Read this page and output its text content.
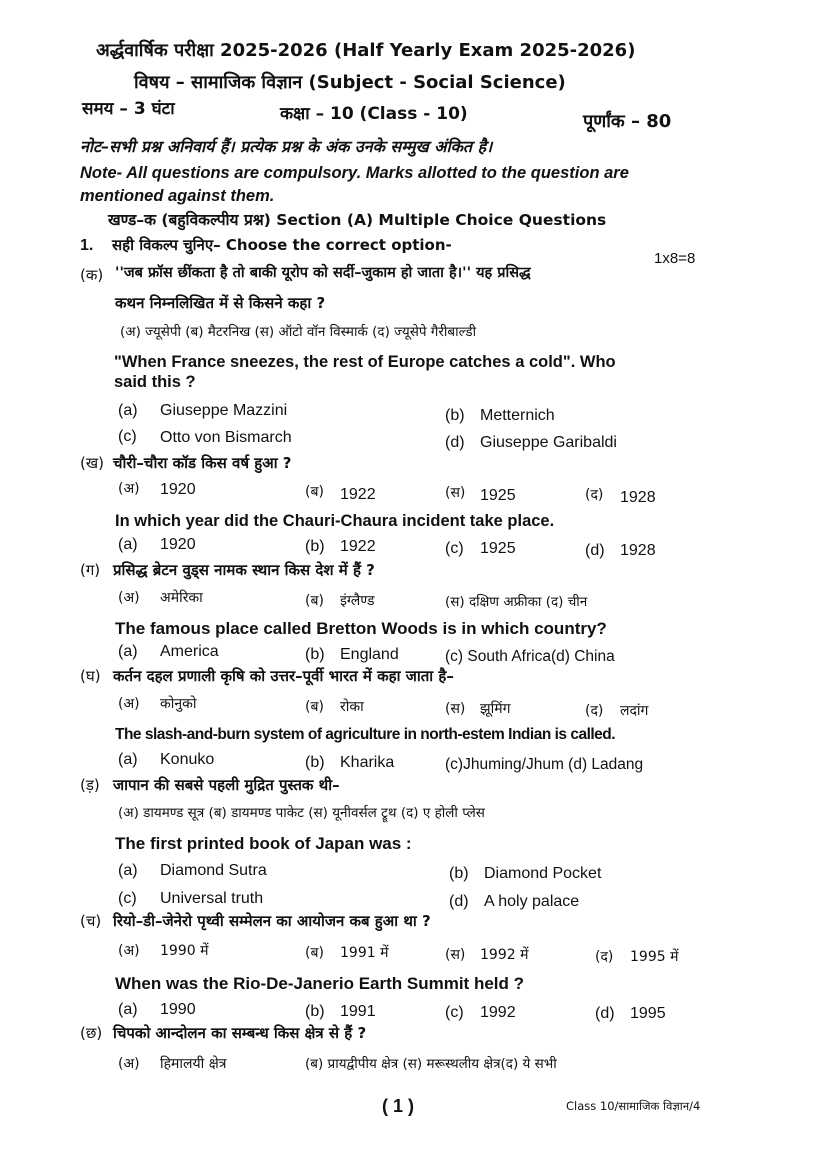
अर्द्धवार्षिक परीक्षा 2025-2026 (Half Yearly Exam 2025-2026)
विषय – सामाजिक विज्ञान (Subject - Social Science)
समय – 3 घंटा	कक्षा – 10 (Class - 10)	पूर्णांक – 80
नोट–सभी प्रश्न अनिवार्य हैं। प्रत्येक प्रश्न के अंक उनके सम्मुख अंकित है।
Note- All questions are compulsory. Marks allotted to the question are
mentioned against them.
खण्ड–क (बहुविकल्पीय प्रश्न) Section (A) Multiple Choice Questions
1. सही विकल्प चुनिए– Choose the correct option-
1x8=8
(क) ''जब फ्रॉस छींकता है तो बाकी यूरोप को सर्दी–जुकाम हो जाता है।'' यह प्रसिद्ध
कथन निम्नलिखित में से किसने कहा ?
(अ) ज्यूसेपी (ब) मैटरनिख (स) ऑटो वॉन विस्मार्क (द) ज्यूसेपे गैरीबाल्डी
"When France sneezes, the rest of Europe catches a cold". Who
said this ?
(a) Giuseppe Mazzini	(b) Metternich
(c) Otto von Bismarch	(d) Giuseppe Garibaldi
(ख) चौरी–चौरा कॉड किस वर्ष हुआ ?
(अ) 1920	(ब) 1922	(स) 1925	(द) 1928
In which year did the Chauri-Chaura incident take place.
(a) 1920	(b) 1922	(c) 1925	(d) 1928
(ग) प्रसिद्ध ब्रेटन वुड्स नामक स्थान किस देश में हैं ?
(अ) अमेरिका	(ब) इंग्लैण्ड	(स) दक्षिण अफ्रीका (द) चीन
The famous place called Bretton Woods is in which country?
(a) America	(b) England	(c) South Africa(d) China
(घ) कर्तन दहल प्रणाली कृषि को उत्तर–पूर्वी भारत में कहा जाता है–
(अ) कोनुको	(ब) रोका	(स) झूमिंग	(द) लदांग
The slash-and-burn system of agriculture in north-estem Indian is called.
(a) Konuko	(b) Kharika	(c)Jhuming/Jhum (d) Ladang
(ड़) जापान की सबसे पहली मुद्रित पुस्तक थी–
(अ) डायमण्ड सूत्र (ब) डायमण्ड पाकेट (स) यूनीवर्सल ट्रूथ (द) ए होली प्लेस
The first printed book of Japan was :
(a) Diamond Sutra	(b) Diamond Pocket
(c) Universal truth	(d) A holy palace
(च) रियो–डी–जेनेरो पृथ्वी सम्मेलन का आयोजन कब हुआ था ?
(अ) 1990 में	(ब) 1991 में	(स) 1992 में	(द) 1995 में
When was the Rio-De-Janerio Earth Summit held ?
(a) 1990	(b) 1991	(c) 1992	(d) 1995
(छ) चिपको आन्दोलन का सम्बन्ध किस क्षेत्र से हैं ?
(अ) हिमालयी क्षेत्र	(ब) प्रायद्वीपीय क्षेत्र (स) मरूस्थलीय क्षेत्र(द) ये सभी
( 1 )	Class 10/सामाजिक विज्ञान/4
